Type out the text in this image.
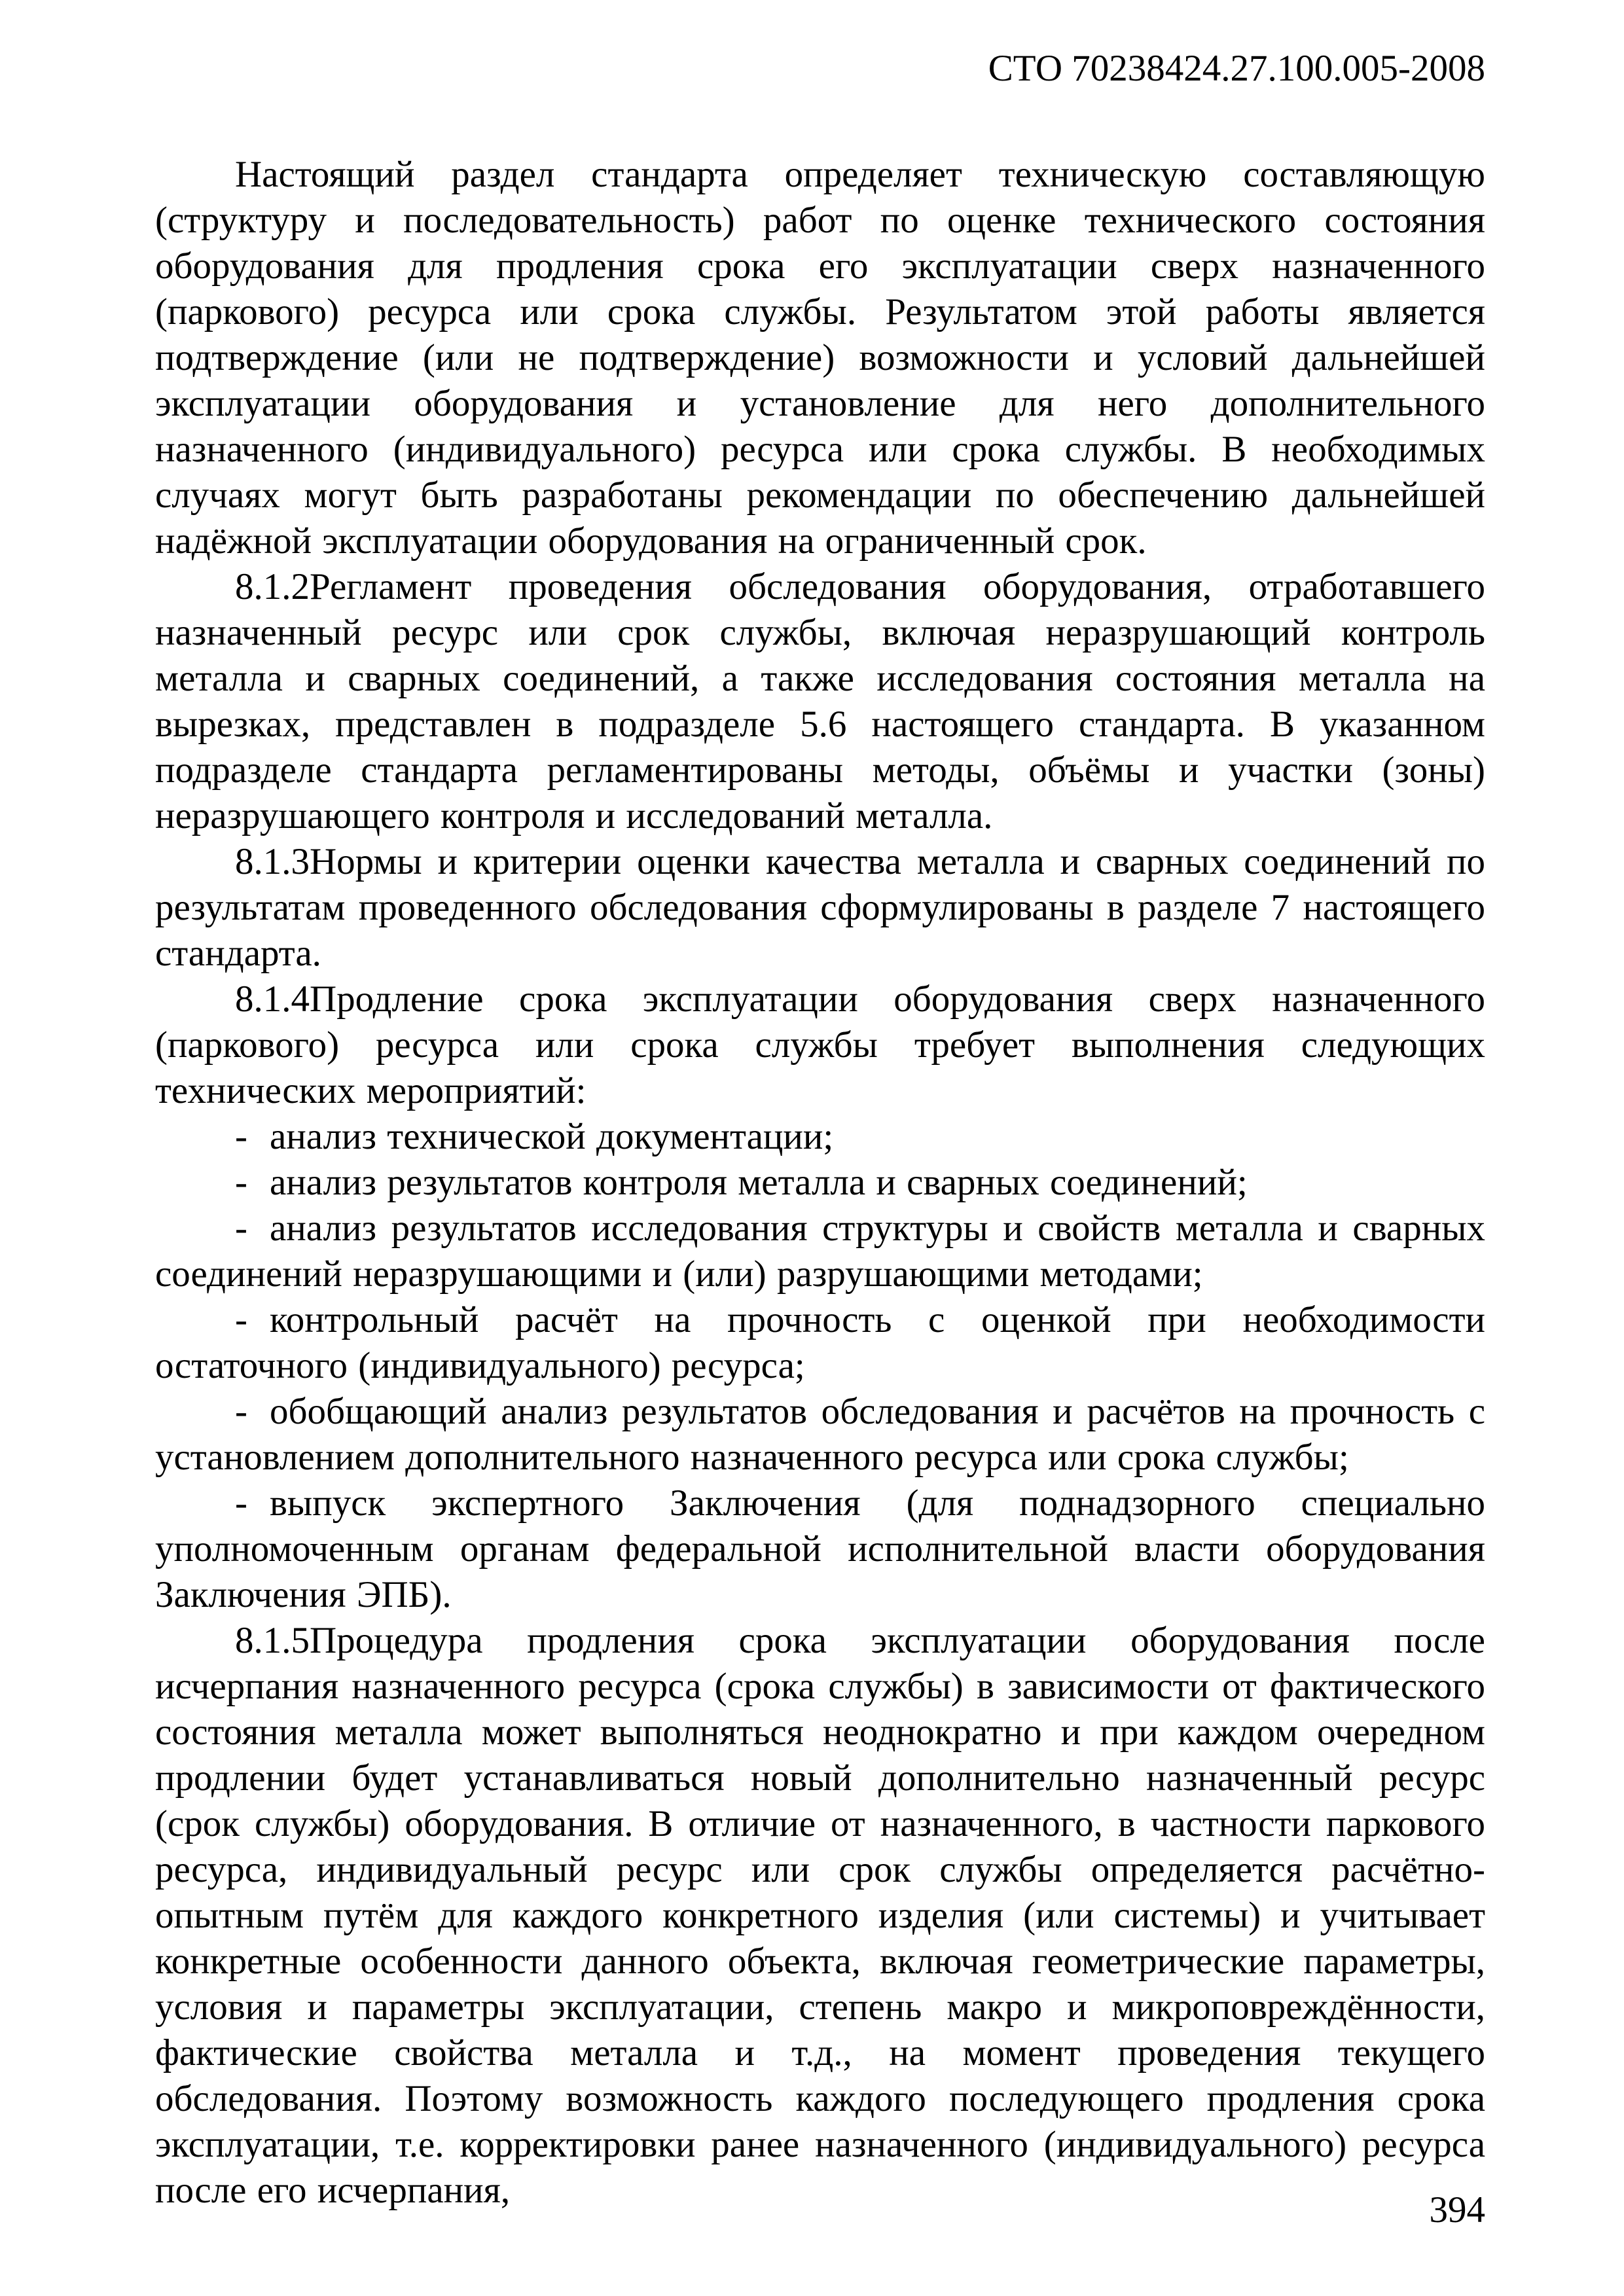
СТО 70238424.27.100.005-2008

Настоящий раздел стандарта определяет техническую составляющую (структуру и последовательность) работ по оценке технического состояния оборудования для продления срока его эксплуатации сверх назначенного (паркового) ресурса или срока службы. Результатом этой работы является подтверждение (или не подтверждение) возможности и условий дальнейшей эксплуатации оборудования и установление для него дополнительного назначенного (индивидуального) ресурса или срока службы. В необходимых случаях могут быть разработаны рекомендации по обеспечению дальнейшей надёжной эксплуатации оборудования на ограниченный срок.

8.1.2Регламент проведения обследования оборудования, отработавшего назначенный ресурс или срок службы, включая неразрушающий контроль металла и сварных соединений, а также исследования состояния металла на вырезках, представлен в подразделе 5.6 настоящего стандарта. В указанном подразделе стандарта регламентированы методы, объёмы и участки (зоны) неразрушающего контроля и исследований металла.

8.1.3Нормы и критерии оценки качества металла и сварных соединений по результатам проведенного обследования сформулированы в разделе 7 настоящего стандарта.

8.1.4Продление срока эксплуатации оборудования сверх назначенного (паркового) ресурса или срока службы требует выполнения следующих технических мероприятий:

- анализ технической документации;

- анализ результатов контроля металла и сварных соединений;

- анализ результатов исследования структуры и свойств металла и сварных соединений неразрушающими и (или) разрушающими методами;

- контрольный расчёт на прочность с оценкой при необходимости остаточного (индивидуального) ресурса;

- обобщающий анализ результатов обследования и расчётов на прочность с установлением дополнительного назначенного ресурса или срока службы;

- выпуск экспертного Заключения (для поднадзорного специально уполномоченным органам федеральной исполнительной власти оборудования Заключения ЭПБ).

8.1.5Процедура продления срока эксплуатации оборудования после исчерпания назначенного ресурса (срока службы) в зависимости от фактического состояния металла может выполняться неоднократно и при каждом очередном продлении будет устанавливаться новый дополнительно назначенный ресурс (срок службы) оборудования. В отличие от назначенного, в частности паркового ресурса, индивидуальный ресурс или срок службы определяется расчётно-опытным путём для каждого конкретного изделия (или системы) и учитывает конкретные особенности данного объекта, включая геометрические параметры, условия и параметры эксплуатации, степень макро и микроповреждённости, фактические свойства металла и т.д., на момент проведения текущего обследования. Поэтому возможность каждого последующего продления срока эксплуатации, т.е. корректировки ранее назначенного (индивидуального) ресурса после его исчерпания,	394
